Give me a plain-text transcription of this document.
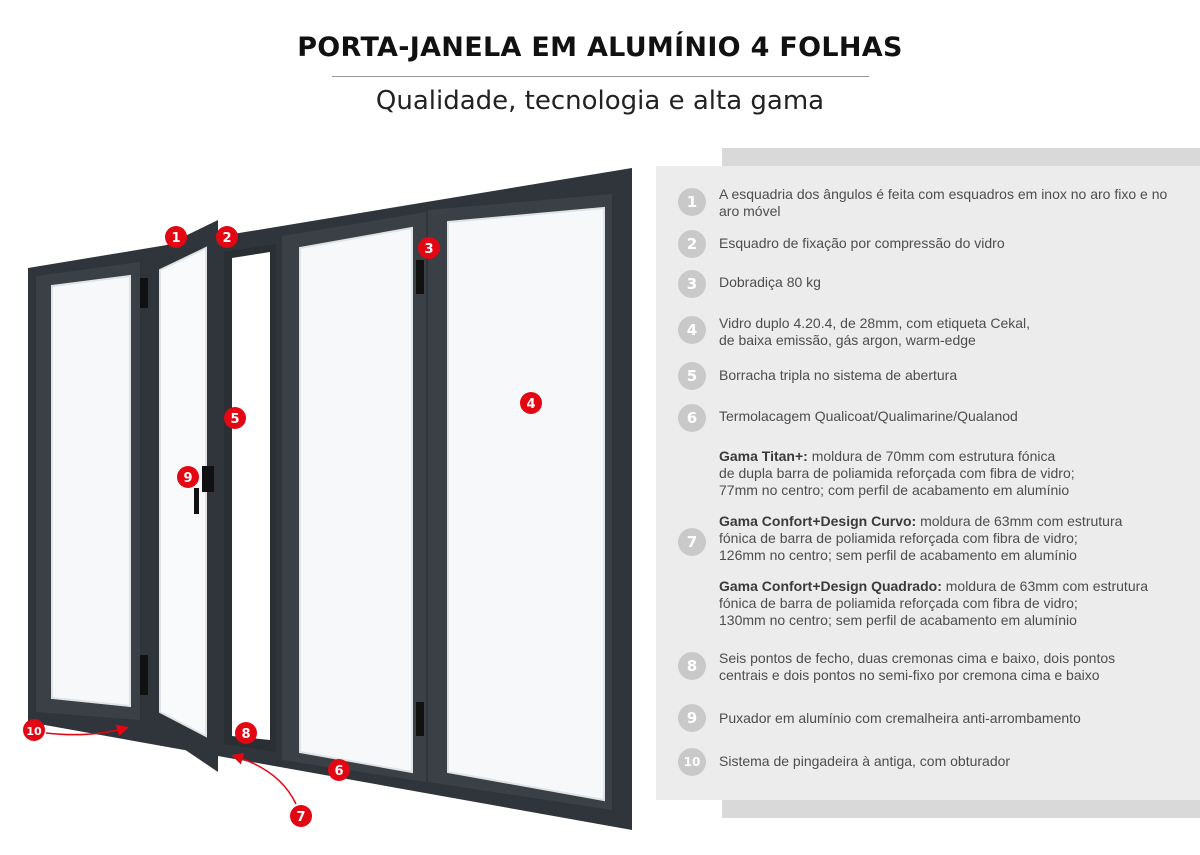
PORTA-JANELA EM ALUMÍNIO 4 FOLHAS
Qualidade, tecnologia e alta gama
1	2
3
4
5
6
7
8
9
10
1	A esquadria dos ângulos é feita com esquadros em inox no aro fixo e no aro móvel
2	Esquadro de fixação por compressão do vidro
3	Dobradiça 80 kg
4	Vidro duplo 4.20.4, de 28mm, com etiqueta Cekal,
de baixa emissão, gás argon, warm-edge
5	Borracha tripla no sistema de abertura
6	Termolacagem Qualicoat/Qualimarine/Qualanod
7
Gama Titan+: moldura de 70mm com estrutura fónica
de dupla barra de poliamida reforçada com fibra de vidro;
77mm no centro; com perfil de acabamento em alumínio
Gama Confort+Design Curvo: moldura de 63mm com estrutura
fónica de barra de poliamida reforçada com fibra de vidro;
126mm no centro; sem perfil de acabamento em alumínio
Gama Confort+Design Quadrado: moldura de 63mm com estrutura
fónica de barra de poliamida reforçada com fibra de vidro;
130mm no centro; sem perfil de acabamento em alumínio
8	Seis pontos de fecho, duas cremonas cima e baixo, dois pontos
centrais e dois pontos no semi-fixo por cremona cima e baixo
9	Puxador em alumínio com cremalheira anti-arrombamento
10	Sistema de pingadeira à antiga, com obturador
